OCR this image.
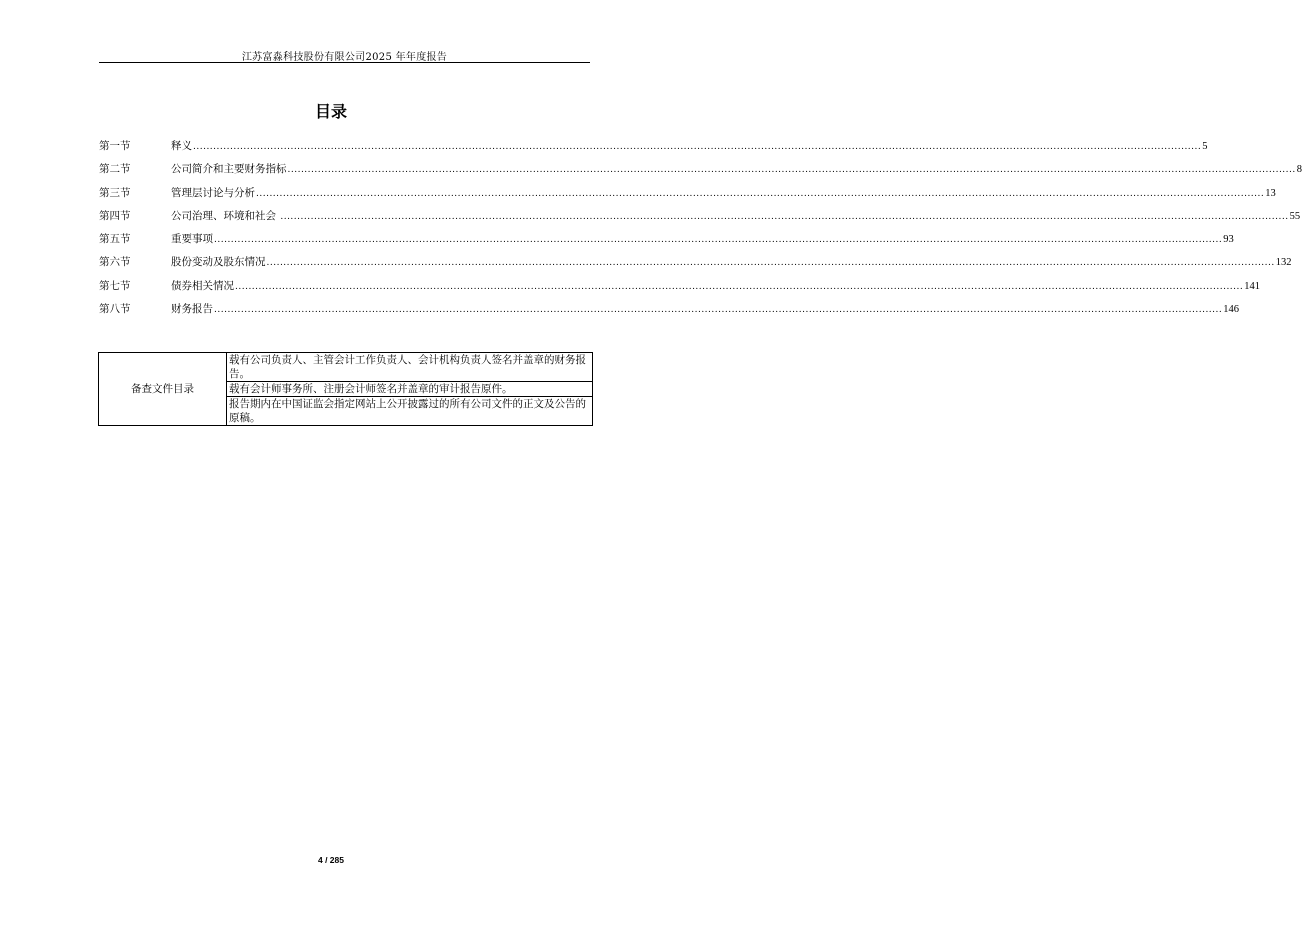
江苏富淼科技股份有限公司2025 年年度报告
目录
第一节	释义 ............................................................................................................................................................................................................................................................................................................ 5
第二节	公司简介和主要财务指标 ............................................................................................................................................................................................................................................................................................................ 8
第三节	管理层讨论与分析 ............................................................................................................................................................................................................................................................................................................ 13
第四节	公司治理、环境和社会 ............................................................................................................................................................................................................................................................................................................ 55
第五节	重要事项 ............................................................................................................................................................................................................................................................................................................ 93
第六节	股份变动及股东情况 ............................................................................................................................................................................................................................................................................................................ 132
第七节	债券相关情况 ............................................................................................................................................................................................................................................................................................................ 141
第八节	财务报告 ............................................................................................................................................................................................................................................................................................................ 146
备查文件目录	载有公司负责人、主管会计工作负责人、会计机构负责人签名并盖章的财务报告。
载有会计师事务所、注册会计师签名并盖章的审计报告原件。
报告期内在中国证监会指定网站上公开披露过的所有公司文件的正文及公告的原稿。
4 / 285
